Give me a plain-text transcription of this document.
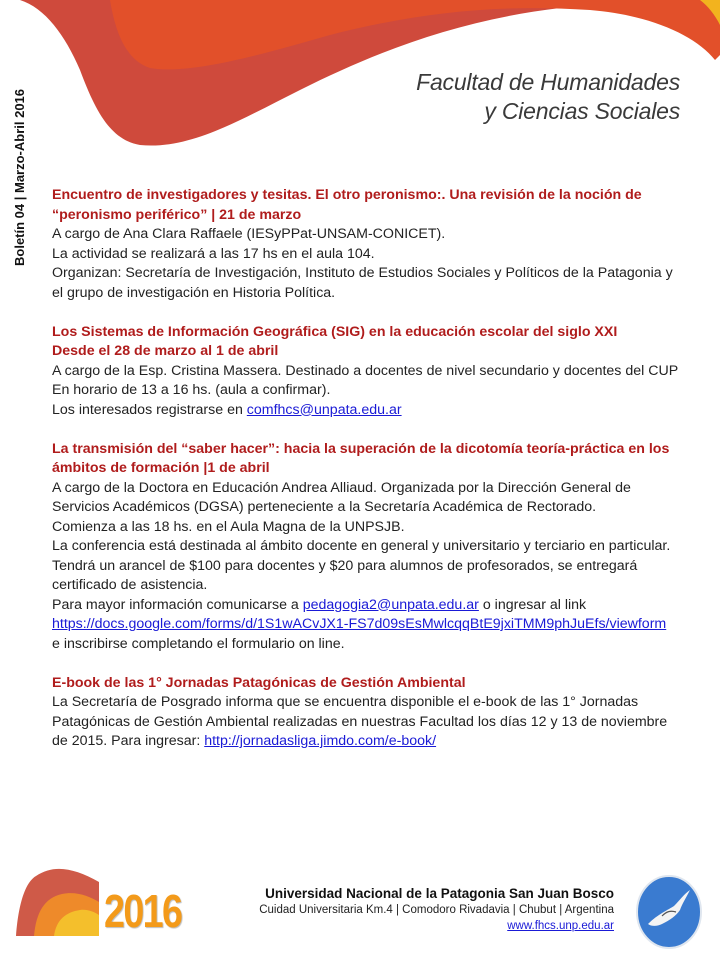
Facultad de Humanidades
y Ciencias Sociales
Boletín 04 | Marzo-Abril 2016 Encuentro de investigadores y tesitas. El otro peronismo:. Una revisión de la noción de
“peronismo periférico” | 21 de marzo
A cargo de Ana Clara Raffaele (IESyPPat-UNSAM-CONICET).
La actividad se realizará a las 17 hs en el aula 104.
Organizan: Secretaría de Investigación, Instituto de Estudios Sociales y Políticos de la Patagonia y
el grupo de investigación en Historia Política.
Los Sistemas de Información Geográfica (SIG) en la educación escolar del siglo XXI
Desde el 28 de marzo al 1 de abril
A cargo de la Esp. Cristina Massera. Destinado a docentes de nivel secundario y docentes del CUP
En horario de 13 a 16 hs. (aula a confirmar).
Los interesados registrarse en comfhcs@unpata.edu.ar
La transmisión del “saber hacer”: hacia la superación de la dicotomía teoría-práctica en los
ámbitos de formación |1 de abril
A cargo de la Doctora en Educación Andrea Alliaud. Organizada por la Dirección General de
Servicios Académicos (DGSA) perteneciente a la Secretaría Académica de Rectorado.
Comienza a las 18 hs. en el Aula Magna de la UNPSJB.
La conferencia está destinada al ámbito docente en general y universitario y terciario en particular.
Tendrá un arancel de $100 para docentes y $20 para alumnos de profesorados, se entregará
certificado de asistencia.
Para mayor información comunicarse a pedagogia2@unpata.edu.ar o ingresar al link
https://docs.google.com/forms/d/1S1wACvJX1-FS7d09sEsMwlcqqBtE9jxiTMM9phJuEfs/viewform
e inscribirse completando el formulario on line.
E-book de las 1° Jornadas Patagónicas de Gestión Ambiental
La Secretaría de Posgrado informa que se encuentra disponible el e-book de las 1° Jornadas
Patagónicas de Gestión Ambiental realizadas en nuestras Facultad los días 12 y 13 de noviembre
de 2015. Para ingresar: http://jornadasliga.jimdo.com/e-book/
2016	Universidad Nacional de la Patagonia San Juan Bosco
Cuidad Universitaria Km.4 | Comodoro Rivadavia | Chubut | Argentina
www.fhcs.unp.edu.ar
